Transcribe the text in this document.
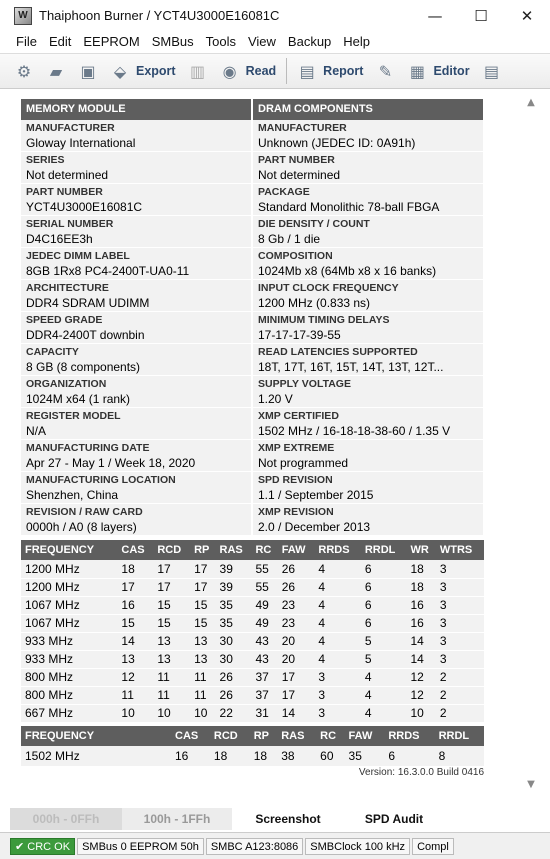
W Thaiphoon Burner / YCT4U3000E16081C	—	☐	✕
File Edit EEPROM SMBus Tools View Backup Help
⚙ ▰ ▣ ⬙ Export ▥ ◉ Read ▤ Report ✎ ▦ Editor ▤
MEMORY MODULE
MANUFACTURER
Gloway International
SERIES
Not determined
PART NUMBER
YCT4U3000E16081C
SERIAL NUMBER
D4C16EE3h
JEDEC DIMM LABEL
8GB 1Rx8 PC4-2400T-UA0-11
ARCHITECTURE
DDR4 SDRAM UDIMM
SPEED GRADE
DDR4-2400T downbin
CAPACITY
8 GB (8 components)
ORGANIZATION
1024M x64 (1 rank)
REGISTER MODEL
N/A
MANUFACTURING DATE
Apr 27 - May 1 / Week 18, 2020
MANUFACTURING LOCATION
Shenzhen, China
REVISION / RAW CARD
0000h / A0 (8 layers)
DRAM COMPONENTS
MANUFACTURER
Unknown (JEDEC ID: 0A91h)
PART NUMBER
Not determined
PACKAGE
Standard Monolithic 78-ball FBGA
DIE DENSITY / COUNT
8 Gb / 1 die
COMPOSITION
1024Mb x8 (64Mb x8 x 16 banks)
INPUT CLOCK FREQUENCY
1200 MHz (0.833 ns)
MINIMUM TIMING DELAYS
17-17-17-39-55
READ LATENCIES SUPPORTED
18T, 17T, 16T, 15T, 14T, 13T, 12T...
SUPPLY VOLTAGE
1.20 V
XMP CERTIFIED
1502 MHz / 16-18-18-38-60 / 1.35 V
XMP EXTREME
Not programmed
SPD REVISION
1.1 / September 2015
XMP REVISION
2.0 / December 2013
FREQUENCY	CAS	RCD	RP	RAS	RC	FAW	RRDS	RRDL	WR	WTRS
1200 MHz	18	17	17	39	55	26	4	6	18	3
1200 MHz	17	17	17	39	55	26	4	6	18	3
1067 MHz	16	15	15	35	49	23	4	6	16	3
1067 MHz	15	15	15	35	49	23	4	6	16	3
933 MHz	14	13	13	30	43	20	4	5	14	3
933 MHz	13	13	13	30	43	20	4	5	14	3
800 MHz	12	11	11	26	37	17	3	4	12	2
800 MHz	11	11	11	26	37	17	3	4	12	2
667 MHz	10	10	10	22	31	14	3	4	10	2
FREQUENCY	CAS	RCD	RP	RAS	RC	FAW	RRDS	RRDL
1502 MHz	16	18	18	38	60	35	6	8
Version: 16.3.0.0 Build 0416
▲
▼
000h - 0FFh	100h - 1FFh	Screenshot	SPD Audit
✔ CRC OK	SMBus 0 EEPROM 50h	SMBC A123:8086	SMBClock 100 kHz	Compl
